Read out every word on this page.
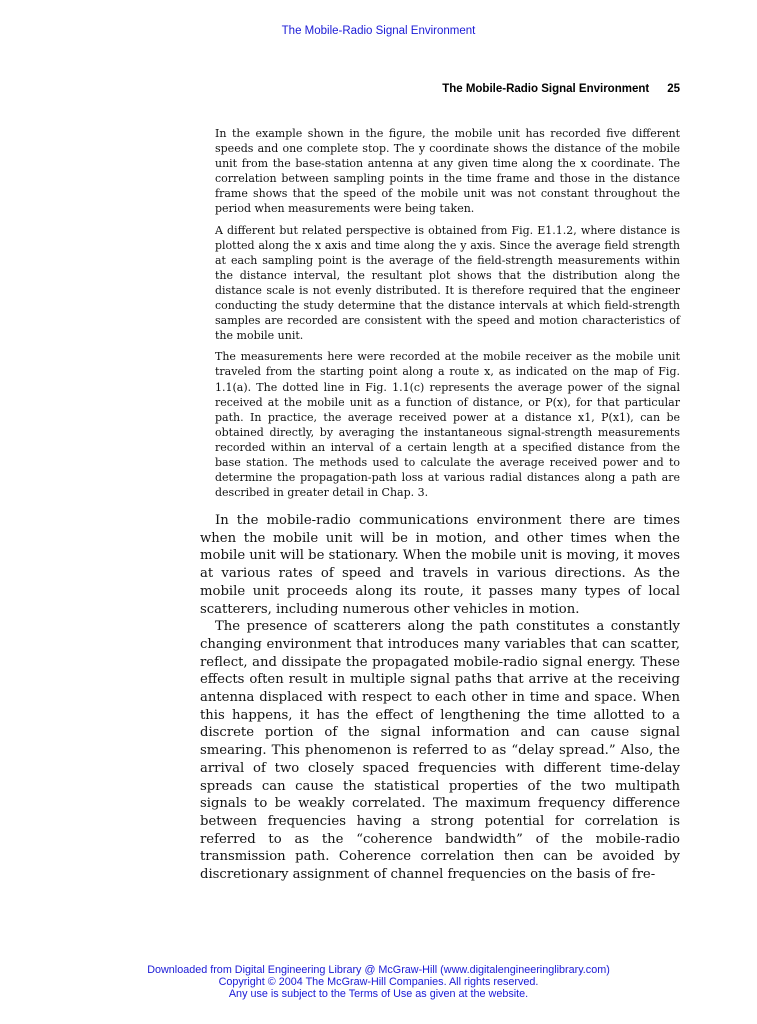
The Mobile-Radio Signal Environment
The Mobile-Radio Signal Environment 25

In the example shown in the figure, the mobile unit has recorded five different speeds and one complete stop. The y coordinate shows the distance of the mobile unit from the base-station antenna at any given time along the x coordinate. The correlation between sampling points in the time frame and those in the distance frame shows that the speed of the mobile unit was not constant throughout the period when measurements were being taken.

A different but related perspective is obtained from Fig. E1.1.2, where distance is plotted along the x axis and time along the y axis. Since the average field strength at each sampling point is the average of the field-strength measurements within the distance interval, the resultant plot shows that the distribution along the distance scale is not evenly distributed. It is therefore required that the engineer conducting the study determine that the distance intervals at which field-strength samples are recorded are consistent with the speed and motion characteristics of the mobile unit.

The measurements here were recorded at the mobile receiver as the mobile unit traveled from the starting point along a route x, as indicated on the map of Fig. 1.1(a). The dotted line in Fig. 1.1(c) represents the average power of the signal received at the mobile unit as a function of distance, or P(x), for that particular path. In practice, the average received power at a distance x1, P(x1), can be obtained directly, by averaging the instantaneous signal-strength measurements recorded within an interval of a certain length at a specified distance from the base station. The methods used to calculate the average received power and to determine the propagation-path loss at various radial distances along a path are described in greater detail in Chap. 3.

In the mobile-radio communications environment there are times when the mobile unit will be in motion, and other times when the mobile unit will be stationary. When the mobile unit is moving, it moves at various rates of speed and travels in various directions. As the mobile unit proceeds along its route, it passes many types of local scatterers, including numerous other vehicles in motion.

The presence of scatterers along the path constitutes a constantly changing environment that introduces many variables that can scatter, reflect, and dissipate the propagated mobile-radio signal energy. These effects often result in multiple signal paths that arrive at the receiving antenna displaced with respect to each other in time and space. When this happens, it has the effect of lengthening the time allotted to a discrete portion of the signal information and can cause signal smearing. This phenomenon is referred to as “delay spread.” Also, the arrival of two closely spaced frequencies with different time-delay spreads can cause the statistical properties of the two multipath signals to be weakly correlated. The maximum frequency difference between frequencies having a strong potential for correlation is referred to as the “coherence bandwidth” of the mobile-radio transmission path. Coherence correlation then can be avoided by discretionary assignment of channel frequencies on the basis of fre-

Downloaded from Digital Engineering Library @ McGraw-Hill (www.digitalengineeringlibrary.com)
Copyright © 2004 The McGraw-Hill Companies. All rights reserved.
Any use is subject to the Terms of Use as given at the website.
